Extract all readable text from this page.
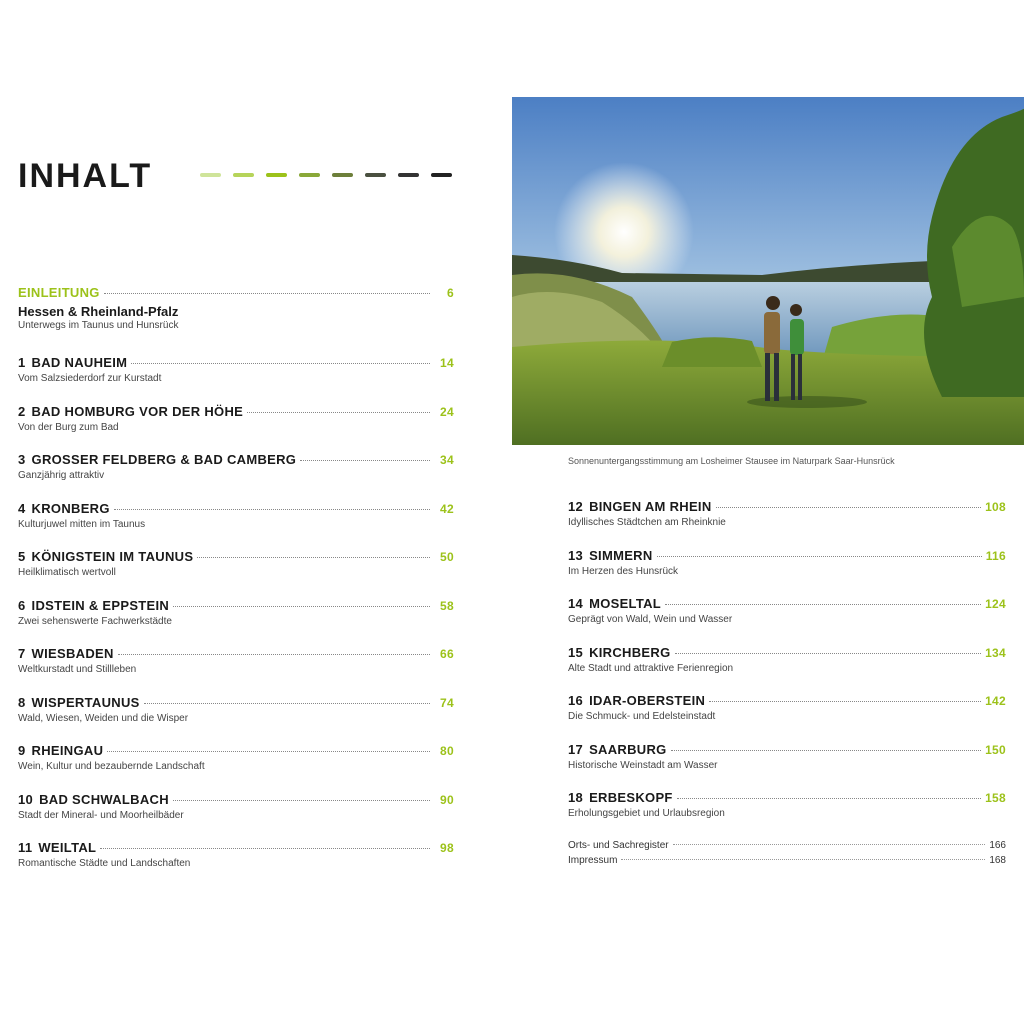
INHALT
EINLEITUNG	6
Hessen & Rheinland-Pfalz
Unterwegs im Taunus und Hunsrück
1 BAD NAUHEIM	14
Vom Salzsiederdorf zur Kurstadt
2 BAD HOMBURG VOR DER HÖHE	24
Von der Burg zum Bad
3 GROSSER FELDBERG & BAD CAMBERG	34
Ganzjährig attraktiv
4 KRONBERG	42
Kulturjuwel mitten im Taunus
5 KÖNIGSTEIN IM TAUNUS	50
Heilklimatisch wertvoll
6 IDSTEIN & EPPSTEIN	58
Zwei sehenswerte Fachwerkstädte
7 WIESBADEN	66
Weltkurstadt und Stillleben
8 WISPERTAUNUS	74
Wald, Wiesen, Weiden und die Wisper
9 RHEINGAU	80
Wein, Kultur und bezaubernde Landschaft
10 BAD SCHWALBACH	90
Stadt der Mineral- und Moorheilbäder
11 WEILTAL	98
Romantische Städte und Landschaften
Sonnenuntergangsstimmung am Losheimer Stausee im Naturpark Saar-Hunsrück
12 BINGEN AM RHEIN	108
Idyllisches Städtchen am Rheinknie
13 SIMMERN	116
Im Herzen des Hunsrück
14 MOSELTAL	124
Geprägt von Wald, Wein und Wasser
15 KIRCHBERG	134
Alte Stadt und attraktive Ferienregion
16 IDAR-OBERSTEIN	142
Die Schmuck- und Edelsteinstadt
17 SAARBURG	150
Historische Weinstadt am Wasser
18 ERBESKOPF	158
Erholungsgebiet und Urlaubsregion
Orts- und Sachregister	166
Impressum	168
